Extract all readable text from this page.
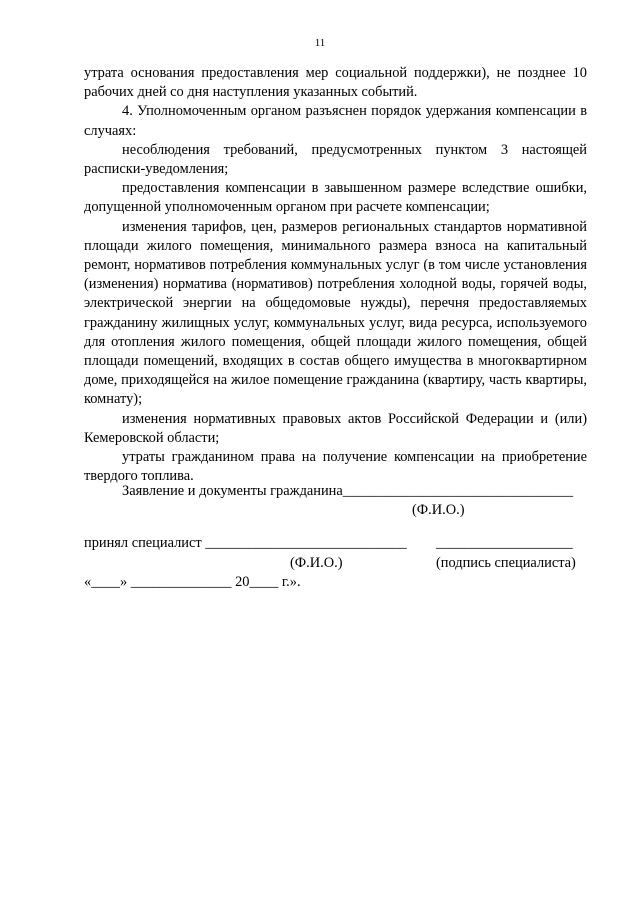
11

утрата основания предоставления мер социальной поддержки), не позднее 10 рабочих дней со дня наступления указанных событий.

4. Уполномоченным органом разъяснен порядок удержания компенсации в случаях:

несоблюдения требований, предусмотренных пунктом 3 настоящей расписки-уведомления;

предоставления компенсации в завышенном размере вследствие ошибки, допущенной уполномоченным органом при расчете компенсации;

изменения тарифов, цен, размеров региональных стандартов нормативной площади жилого помещения, минимального размера взноса на капитальный ремонт, нормативов потребления коммунальных услуг (в том числе установления (изменения) норматива (нормативов) потребления холодной воды, горячей воды, электрической энергии на общедомовые нужды), перечня предоставляемых гражданину жилищных услуг, коммунальных услуг, вида ресурса, используемого для отопления жилого помещения, общей площади жилого помещения, общей площади помещений, входящих в состав общего имущества в многоквартирном доме, приходящейся на жилое помещение гражданина (квартиру, часть квартиры, комнату);

изменения нормативных правовых актов Российской Федерации и (или) Кемеровской области;

утраты гражданином права на получение компенсации на приобретение твердого топлива.

Заявление и документы гражданина________________________________
(Ф.И.О.)
принял специалист ____________________________ ___________________
(Ф.И.О.)	(подпись специалиста)
«____» ______________ 20____ г.».
